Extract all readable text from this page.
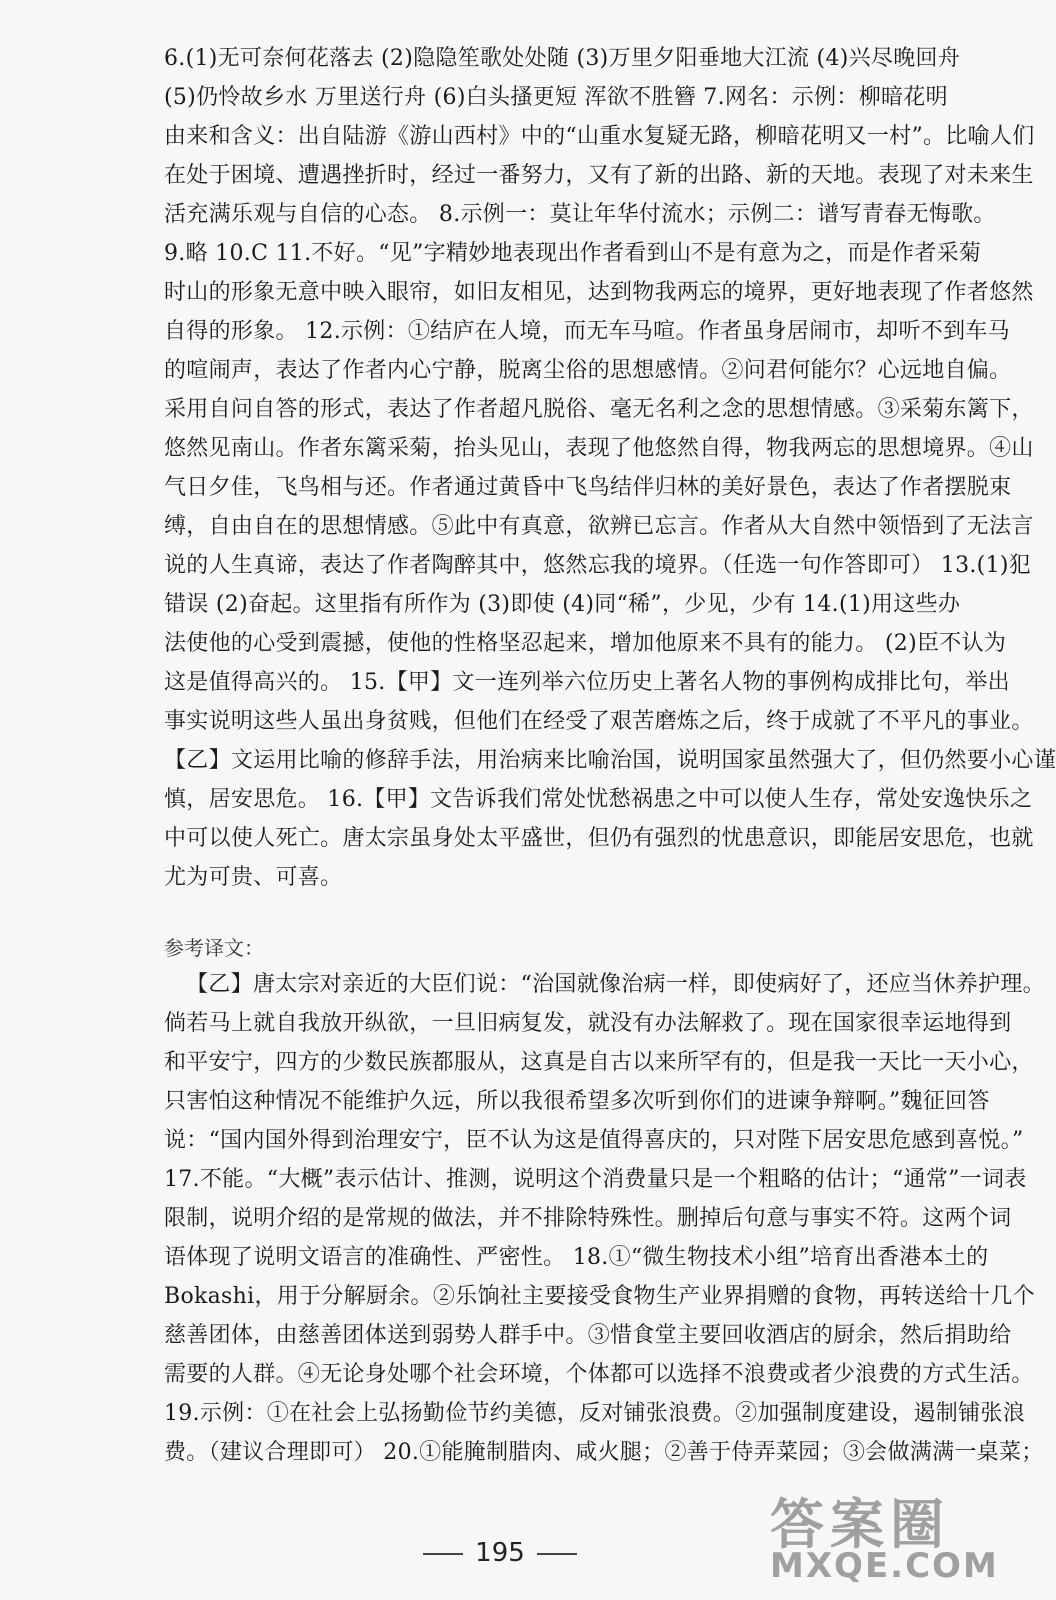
参考译文：
195	答案圈
MXQE.COM
6.(1)无可奈何花落去 (2)隐隐笙歌处处随 (3)万里夕阳垂地大江流 (4)兴尽晚回舟
(5)仍怜故乡水 万里送行舟 (6)白头搔更短 浑欲不胜簪 7.网名：示例：柳暗花明
由来和含义：出自陆游《游山西村》中的“山重水复疑无路，柳暗花明又一村”。比喻人们
在处于困境、遭遇挫折时，经过一番努力，又有了新的出路、新的天地。表现了对未来生
活充满乐观与自信的心态。 8.示例一：莫让年华付流水；示例二：谱写青春无悔歌。
9.略 10.C 11.不好。“见”字精妙地表现出作者看到山不是有意为之，而是作者采菊
时山的形象无意中映入眼帘，如旧友相见，达到物我两忘的境界，更好地表现了作者悠然
自得的形象。 12.示例：①结庐在人境，而无车马喧。作者虽身居闹市，却听不到车马
的喧闹声，表达了作者内心宁静，脱离尘俗的思想感情。②问君何能尔？心远地自偏。
采用自问自答的形式，表达了作者超凡脱俗、毫无名利之念的思想情感。③采菊东篱下，
悠然见南山。作者东篱采菊，抬头见山，表现了他悠然自得，物我两忘的思想境界。④山
气日夕佳，飞鸟相与还。作者通过黄昏中飞鸟结伴归林的美好景色，表达了作者摆脱束
缚，自由自在的思想情感。⑤此中有真意，欲辨已忘言。作者从大自然中领悟到了无法言
说的人生真谛，表达了作者陶醉其中，悠然忘我的境界。（任选一句作答即可） 13.(1)犯
错误 (2)奋起。这里指有所作为 (3)即使 (4)同“稀”，少见，少有 14.(1)用这些办
法使他的心受到震撼，使他的性格坚忍起来，增加他原来不具有的能力。 (2)臣不认为
这是值得高兴的。 15.【甲】文一连列举六位历史上著名人物的事例构成排比句，举出
事实说明这些人虽出身贫贱，但他们在经受了艰苦磨炼之后，终于成就了不平凡的事业。
【乙】文运用比喻的修辞手法，用治病来比喻治国，说明国家虽然强大了，但仍然要小心谨
慎，居安思危。 16.【甲】文告诉我们常处忧愁祸患之中可以使人生存，常处安逸快乐之
中可以使人死亡。唐太宗虽身处太平盛世，但仍有强烈的忧患意识，即能居安思危，也就
尤为可贵、可喜。
【乙】唐太宗对亲近的大臣们说：“治国就像治病一样，即使病好了，还应当休养护理。
倘若马上就自我放开纵欲，一旦旧病复发，就没有办法解救了。现在国家很幸运地得到
和平安宁，四方的少数民族都服从，这真是自古以来所罕有的，但是我一天比一天小心，
只害怕这种情况不能维护久远，所以我很希望多次听到你们的进谏争辩啊。”魏征回答
说：“国内国外得到治理安宁，臣不认为这是值得喜庆的，只对陛下居安思危感到喜悦。”
17.不能。“大概”表示估计、推测，说明这个消费量只是一个粗略的估计；“通常”一词表
限制，说明介绍的是常规的做法，并不排除特殊性。删掉后句意与事实不符。这两个词
语体现了说明文语言的准确性、严密性。 18.①“微生物技术小组”培育出香港本土的
Bokashi，用于分解厨余。②乐饷社主要接受食物生产业界捐赠的食物，再转送给十几个
慈善团体，由慈善团体送到弱势人群手中。③惜食堂主要回收酒店的厨余，然后捐助给
需要的人群。④无论身处哪个社会环境，个体都可以选择不浪费或者少浪费的方式生活。
19.示例：①在社会上弘扬勤俭节约美德，反对铺张浪费。②加强制度建设，遏制铺张浪
费。（建议合理即可） 20.①能腌制腊肉、咸火腿；②善于侍弄菜园；③会做满满一桌菜；
